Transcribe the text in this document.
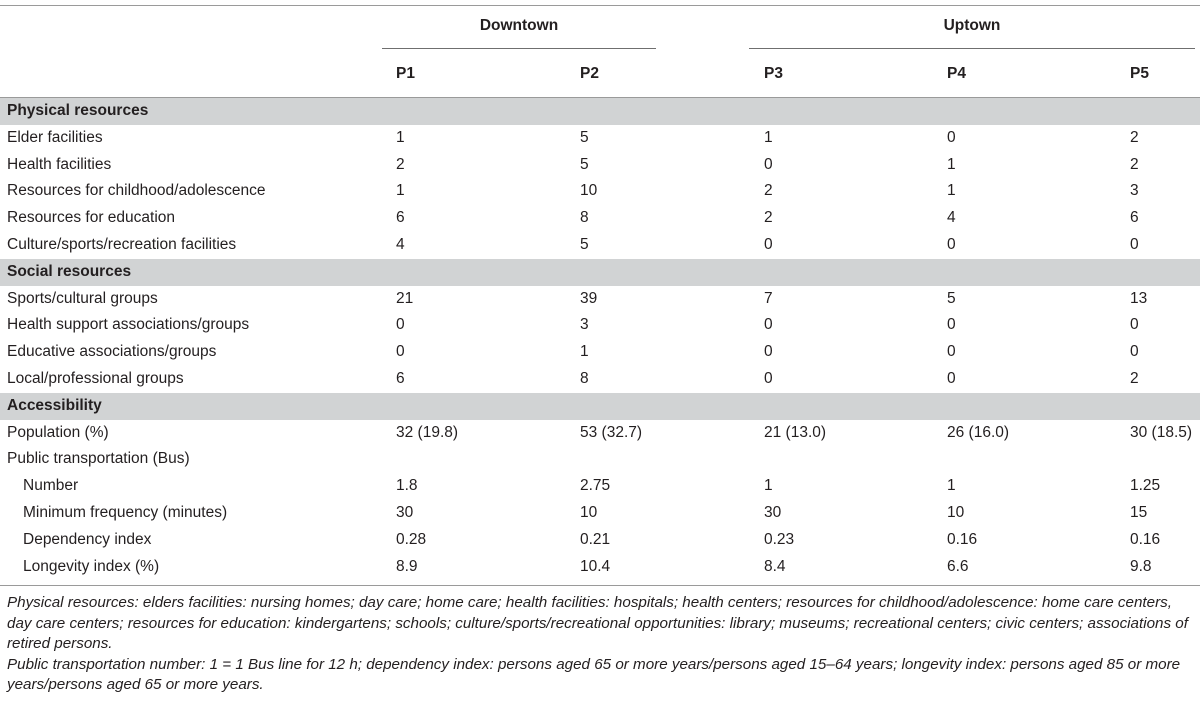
Downtown	Uptown
P1	P2	P3	P4	P5
Physical resources
Elder facilities	1	5	1	0	2
Health facilities	2	5	0	1	2
Resources for childhood/adolescence	1	10	2	1	3
Resources for education	6	8	2	4	6
Culture/sports/recreation facilities	4	5	0	0	0
Social resources
Sports/cultural groups	21	39	7	5	13
Health support associations/groups	0	3	0	0	0
Educative associations/groups	0	1	0	0	0
Local/professional groups	6	8	0	0	2
Accessibility
Population (%)	32 (19.8)	53 (32.7)	21 (13.0)	26 (16.0)	30 (18.5)
Public transportation (Bus)
Number	1.8	2.75	1	1	1.25
Minimum frequency (minutes)	30	10	30	10	15
Dependency index	0.28	0.21	0.23	0.16	0.16
Longevity index (%)	8.9	10.4	8.4	6.6	9.8

Physical resources: elders facilities: nursing homes; day care; home care; health facilities: hospitals; health centers; resources for childhood/adolescence: home care centers, day care centers; resources for education: kindergartens; schools; culture/sports/recreational opportunities: library; museums; recreational centers; civic centers; associations of retired persons.

Public transportation number: 1 = 1 Bus line for 12 h; dependency index: persons aged 65 or more years/persons aged 15–64 years; longevity index: persons aged 85 or more years/persons aged 65 or more years.
